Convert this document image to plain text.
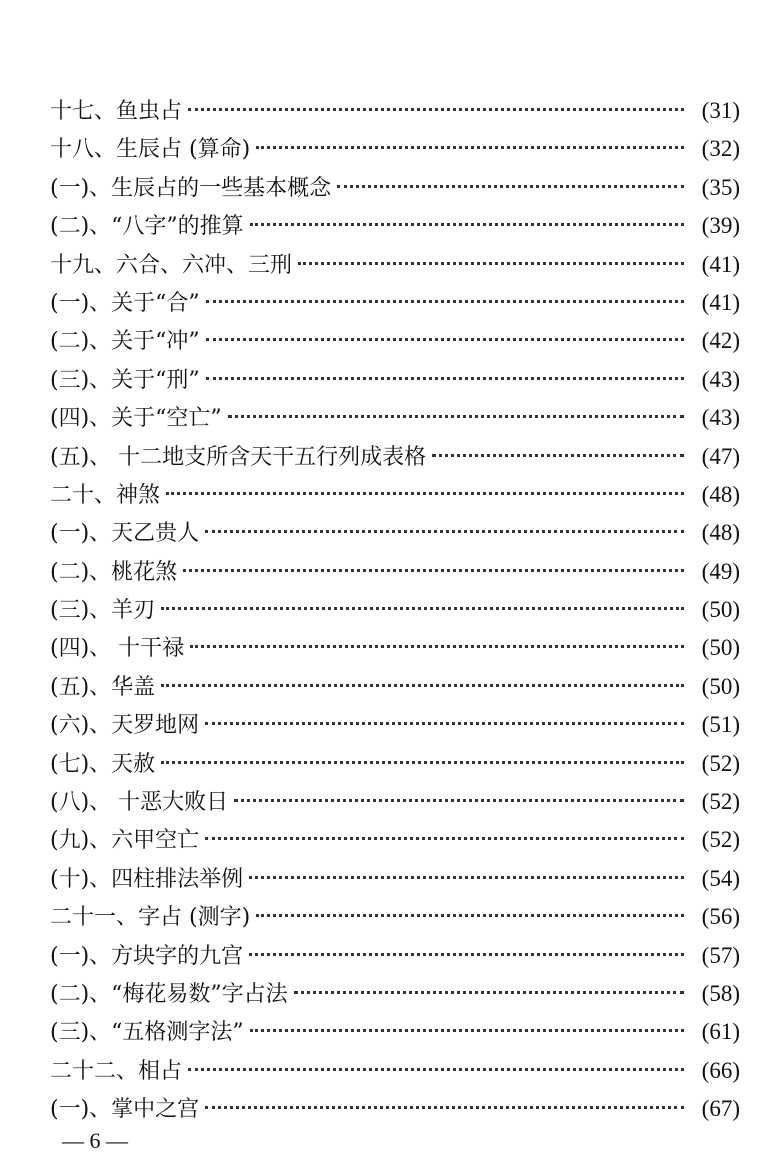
十七、鱼虫占	(31)
十八、生辰占 (算命)	(32)
(一)、生辰占的一些基本概念	(35)
(二)、“八字”的推算	(39)
十九、六合、六冲、三刑	(41)
(一)、关于“合”	(41)
(二)、关于“冲”	(42)
(三)、关于“刑”	(43)
(四)、关于“空亡”	(43)
(五)、 十二地支所含天干五行列成表格	(47)
二十、神煞	(48)
(一)、天乙贵人	(48)
(二)、桃花煞	(49)
(三)、羊刃	(50)
(四)、 十干禄	(50)
(五)、华盖	(50)
(六)、天罗地网	(51)
(七)、天赦	(52)
(八)、 十恶大败日	(52)
(九)、六甲空亡	(52)
(十)、四柱排法举例	(54)
二十一、字占 (测字)	(56)
(一)、方块字的九宫	(57)
(二)、“梅花易数”字占法	(58)
(三)、“五格测字法”	(61)
二十二、相占	(66)
(一)、掌中之宫	(67)
— 6 —
